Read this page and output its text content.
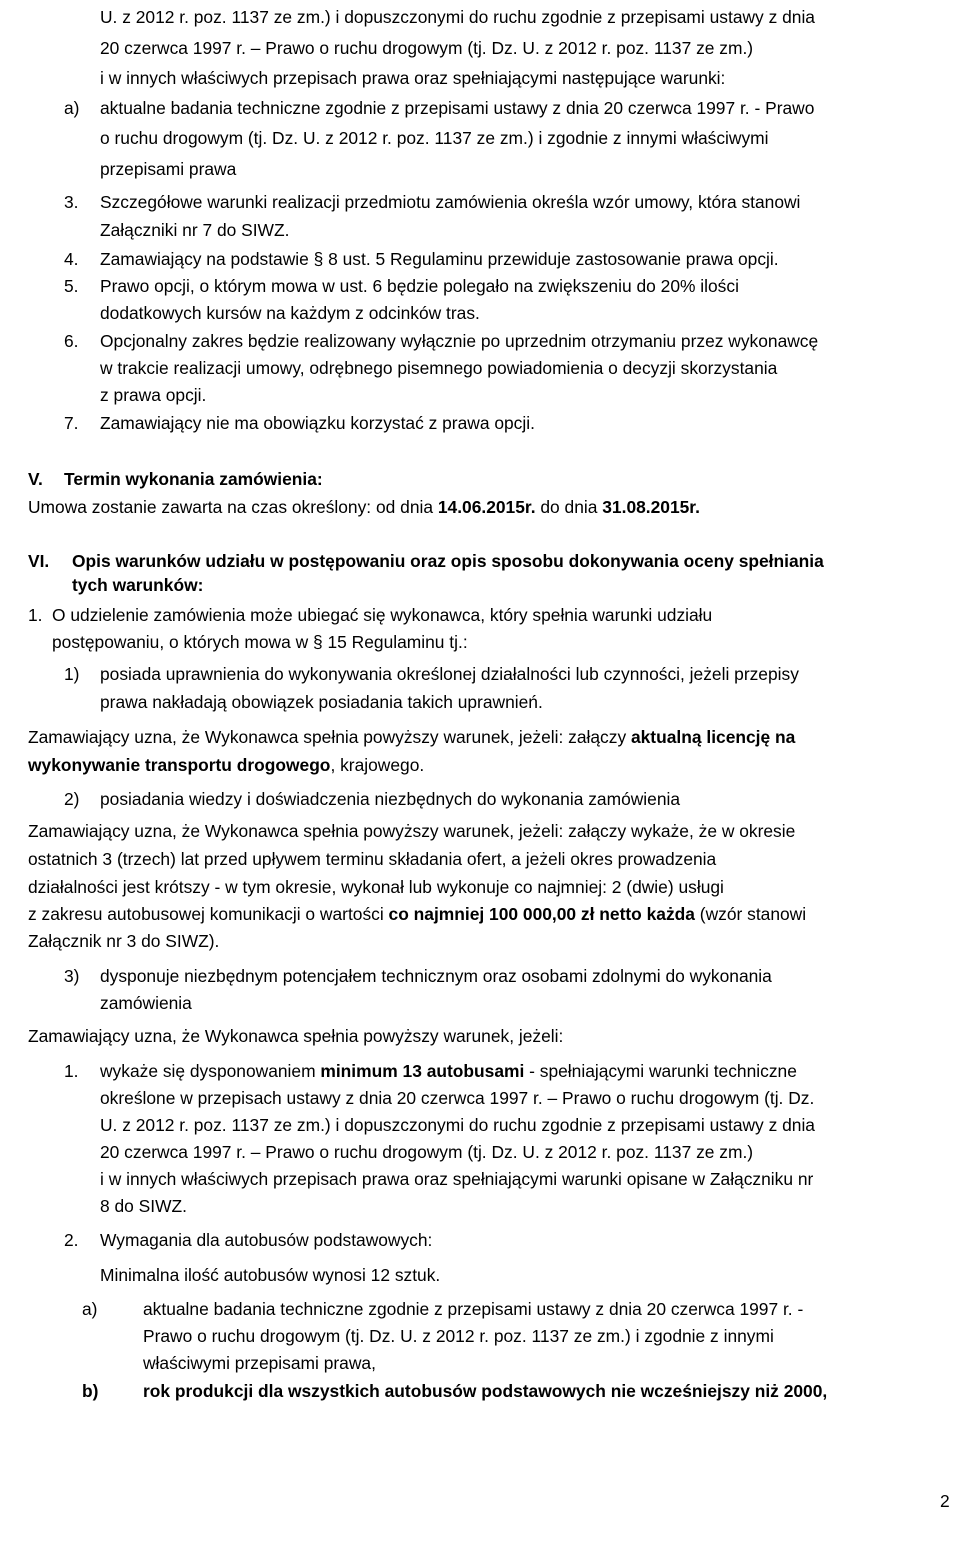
U. z 2012 r. poz. 1137 ze zm.) i dopuszczonymi do ruchu zgodnie z przepisami ustawy z dnia
20 czerwca 1997 r. – Prawo o ruchu drogowym (tj. Dz. U. z 2012 r. poz. 1137 ze zm.)
i w innych właściwych przepisach prawa oraz spełniającymi następujące warunki:
a) aktualne badania techniczne zgodnie z przepisami ustawy z dnia 20 czerwca 1997 r. - Prawo
o ruchu drogowym (tj. Dz. U. z 2012 r. poz. 1137 ze zm.) i zgodnie z innymi właściwymi
przepisami prawa
3. Szczegółowe warunki realizacji przedmiotu zamówienia określa wzór umowy, która stanowi
Załączniki nr 7 do SIWZ.
4. Zamawiający na podstawie § 8 ust. 5 Regulaminu przewiduje zastosowanie prawa opcji.
5. Prawo opcji, o którym mowa w ust. 6 będzie polegało na zwiększeniu do 20% ilości
dodatkowych kursów na każdym z odcinków tras.
6. Opcjonalny zakres będzie realizowany wyłącznie po uprzednim otrzymaniu przez wykonawcę
w trakcie realizacji umowy, odrębnego pisemnego powiadomienia o decyzji skorzystania
z prawa opcji.
7. Zamawiający nie ma obowiązku korzystać z prawa opcji.
V. Termin wykonania zamówienia:
Umowa zostanie zawarta na czas określony: od dnia 14.06.2015r. do dnia 31.08.2015r.
VI. Opis warunków udziału w postępowaniu oraz opis sposobu dokonywania oceny spełniania
tych warunków:
1. O udzielenie zamówienia może ubiegać się wykonawca, który spełnia warunki udziału
postępowaniu, o których mowa w § 15 Regulaminu tj.:
1) posiada uprawnienia do wykonywania określonej działalności lub czynności, jeżeli przepisy
prawa nakładają obowiązek posiadania takich uprawnień.
Zamawiający uzna, że Wykonawca spełnia powyższy warunek, jeżeli: załączy aktualną licencję na
wykonywanie transportu drogowego, krajowego.
2) posiadania wiedzy i doświadczenia niezbędnych do wykonania zamówienia
Zamawiający uzna, że Wykonawca spełnia powyższy warunek, jeżeli: załączy wykaże, że w okresie
ostatnich 3 (trzech) lat przed upływem terminu składania ofert, a jeżeli okres prowadzenia
działalności jest krótszy - w tym okresie, wykonał lub wykonuje co najmniej: 2 (dwie) usługi
z zakresu autobusowej komunikacji o wartości co najmniej 100 000,00 zł netto każda (wzór stanowi
Załącznik nr 3 do SIWZ).
3) dysponuje niezbędnym potencjałem technicznym oraz osobami zdolnymi do wykonania
zamówienia
Zamawiający uzna, że Wykonawca spełnia powyższy warunek, jeżeli:
1. wykaże się dysponowaniem minimum 13 autobusami - spełniającymi warunki techniczne
określone w przepisach ustawy z dnia 20 czerwca 1997 r. – Prawo o ruchu drogowym (tj. Dz.
U. z 2012 r. poz. 1137 ze zm.) i dopuszczonymi do ruchu zgodnie z przepisami ustawy z dnia
20 czerwca 1997 r. – Prawo o ruchu drogowym (tj. Dz. U. z 2012 r. poz. 1137 ze zm.)
i w innych właściwych przepisach prawa oraz spełniającymi warunki opisane w Załączniku nr
8 do SIWZ.
2. Wymagania dla autobusów podstawowych:
Minimalna ilość autobusów wynosi 12 sztuk.
a)	aktualne badania techniczne zgodnie z przepisami ustawy z dnia 20 czerwca 1997 r. -
Prawo o ruchu drogowym (tj. Dz. U. z 2012 r. poz. 1137 ze zm.) i zgodnie z innymi
właściwymi przepisami prawa,
b)	rok produkcji dla wszystkich autobusów podstawowych nie wcześniejszy niż 2000,
2
